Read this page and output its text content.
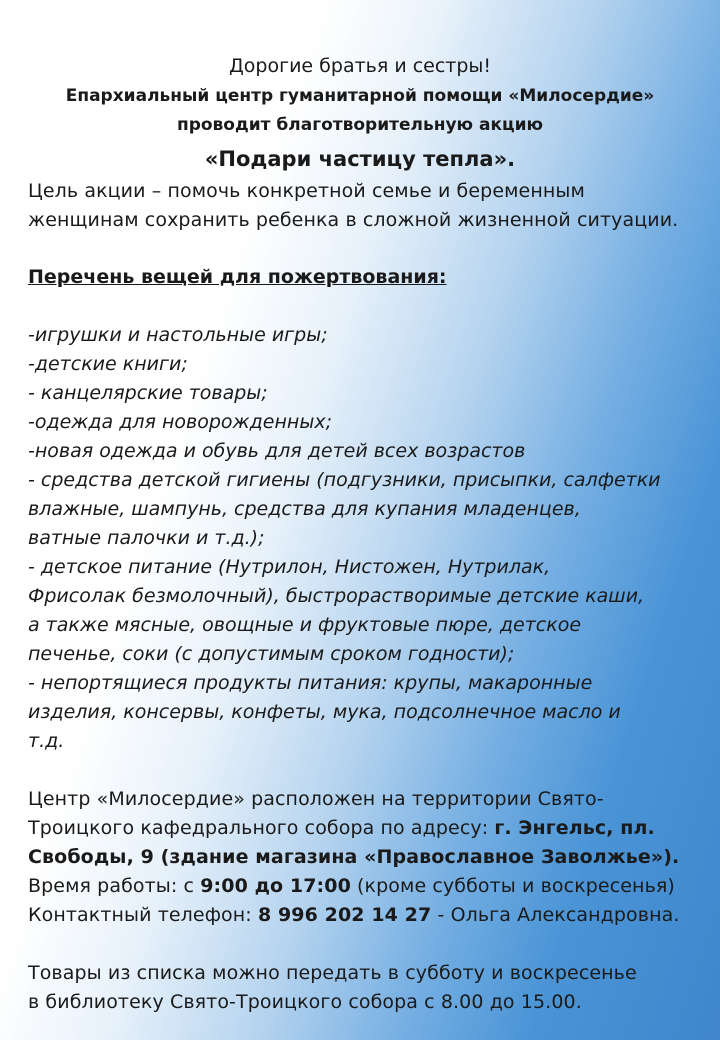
Дорогие братья и сестры!
Епархиальный центр гуманитарной помощи «Милосердие»
проводит благотворительную акцию
«Подари частицу тепла».
Цель акции – помочь конкретной семье и беременным
женщинам сохранить ребенка в сложной жизненной ситуации.
Перечень вещей для пожертвования:
-игрушки и настольные игры;
-детские книги;
- канцелярские товары;
-одежда для новорожденных;
-новая одежда и обувь для детей всех возрастов
- средства детской гигиены (подгузники, присыпки, салфетки
влажные, шампунь, средства для купания младенцев,
ватные палочки и т.д.);
- детское питание (Нутрилон, Нистожен, Нутрилак,
Фрисолак безмолочный), быстрорастворимые детские каши,
а также мясные, овощные и фруктовые пюре, детское
печенье, соки (с допустимым сроком годности);
- непортящиеся продукты питания: крупы, макаронные
изделия, консервы, конфеты, мука, подсолнечное масло и
т.д.
Центр «Милосердие» расположен на территории Свято-
Троицкого кафедрального собора по адресу: г. Энгельс, пл.
Свободы, 9 (здание магазина «Православное Заволжье»).
Время работы: с 9:00 до 17:00 (кроме субботы и воскресенья)
Контактный телефон: 8 996 202 14 27 - Ольга Александровна.
Товары из списка можно передать в субботу и воскресенье
в библиотеку Свято-Троицкого собора с 8.00 до 15.00.
